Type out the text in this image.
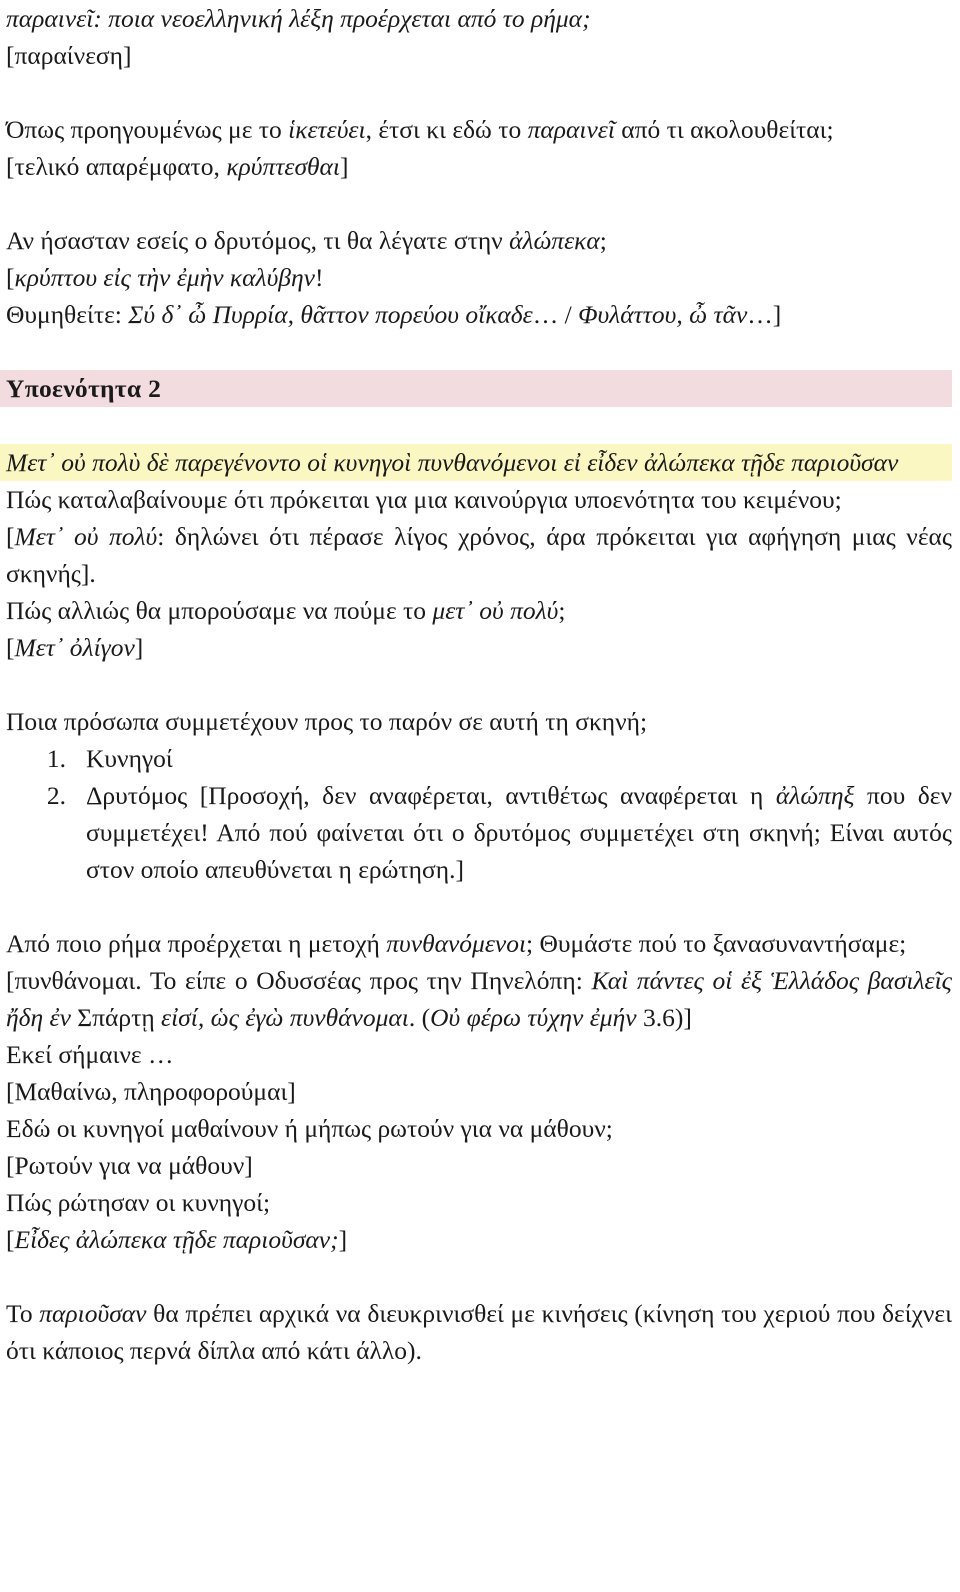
παραινεῖ: ποια νεοελληνική λέξη προέρχεται από το ρήμα;

[παραίνεση]

Όπως προηγουμένως με το ἱκετεύει, έτσι κι εδώ το παραινεῖ από τι ακολουθείται;

[τελικό απαρέμφατο, κρύπτεσθαι]

Αν ήσασταν εσείς ο δρυτόμος, τι θα λέγατε στην ἀλώπεκα;

[κρύπτου εἰς τὴν ἐμὴν καλύβην!

Θυμηθείτε: Σύ δ᾿ ὦ Πυρρία, θᾶττον πορεύου οἴκαδε… / Φυλάττου, ὦ τᾶν…]

Υποενότητα 2

Μετ᾽ οὐ πολὺ δὲ παρεγένοντο οἱ κυνηγοὶ πυνθανόμενοι εἰ εἶδεν ἀλώπεκα τῇδε παριοῦσαν

Πώς καταλαβαίνουμε ότι πρόκειται για μια καινούργια υποενότητα του κειμένου;

[Μετ᾽ οὐ πολύ: δηλώνει ότι πέρασε λίγος χρόνος, άρα πρόκειται για αφήγηση μιας νέας σκηνής].

Πώς αλλιώς θα μπορούσαμε να πούμε το μετ᾽ οὐ πολύ;

[Μετ᾽ ὀλίγον]

Ποια πρόσωπα συμμετέχουν προς το παρόν σε αυτή τη σκηνή;

1. Κυνηγοί
2. Δρυτόμος [Προσοχή, δεν αναφέρεται, αντιθέτως αναφέρεται η ἀλώπηξ που δεν συμμετέχει! Από πού φαίνεται ότι ο δρυτόμος συμμετέχει στη σκηνή; Είναι αυτός στον οποίο απευθύνεται η ερώτηση.]

Από ποιο ρήμα προέρχεται η μετοχή πυνθανόμενοι; Θυμάστε πού το ξανασυναντήσαμε;

[πυνθάνομαι. Το είπε ο Οδυσσέας προς την Πηνελόπη: Καὶ πάντες οἱ ἐξ Ἑλλάδος βασιλεῖς ἤδη ἐν Σπάρτῃ εἰσί, ὡς ἐγὼ πυνθάνομαι. (Οὐ φέρω τύχην ἐμήν 3.6)]

Εκεί σήμαινε …

[Μαθαίνω, πληροφορούμαι]

Εδώ οι κυνηγοί μαθαίνουν ή μήπως ρωτούν για να μάθουν;

[Ρωτούν για να μάθουν]

Πώς ρώτησαν οι κυνηγοί;

[Εἶδες ἀλώπεκα τῇδε παριοῦσαν;]

Το παριοῦσαν θα πρέπει αρχικά να διευκρινισθεί με κινήσεις (κίνηση του χεριού που δείχνει ότι κάποιος περνά δίπλα από κάτι άλλο).
